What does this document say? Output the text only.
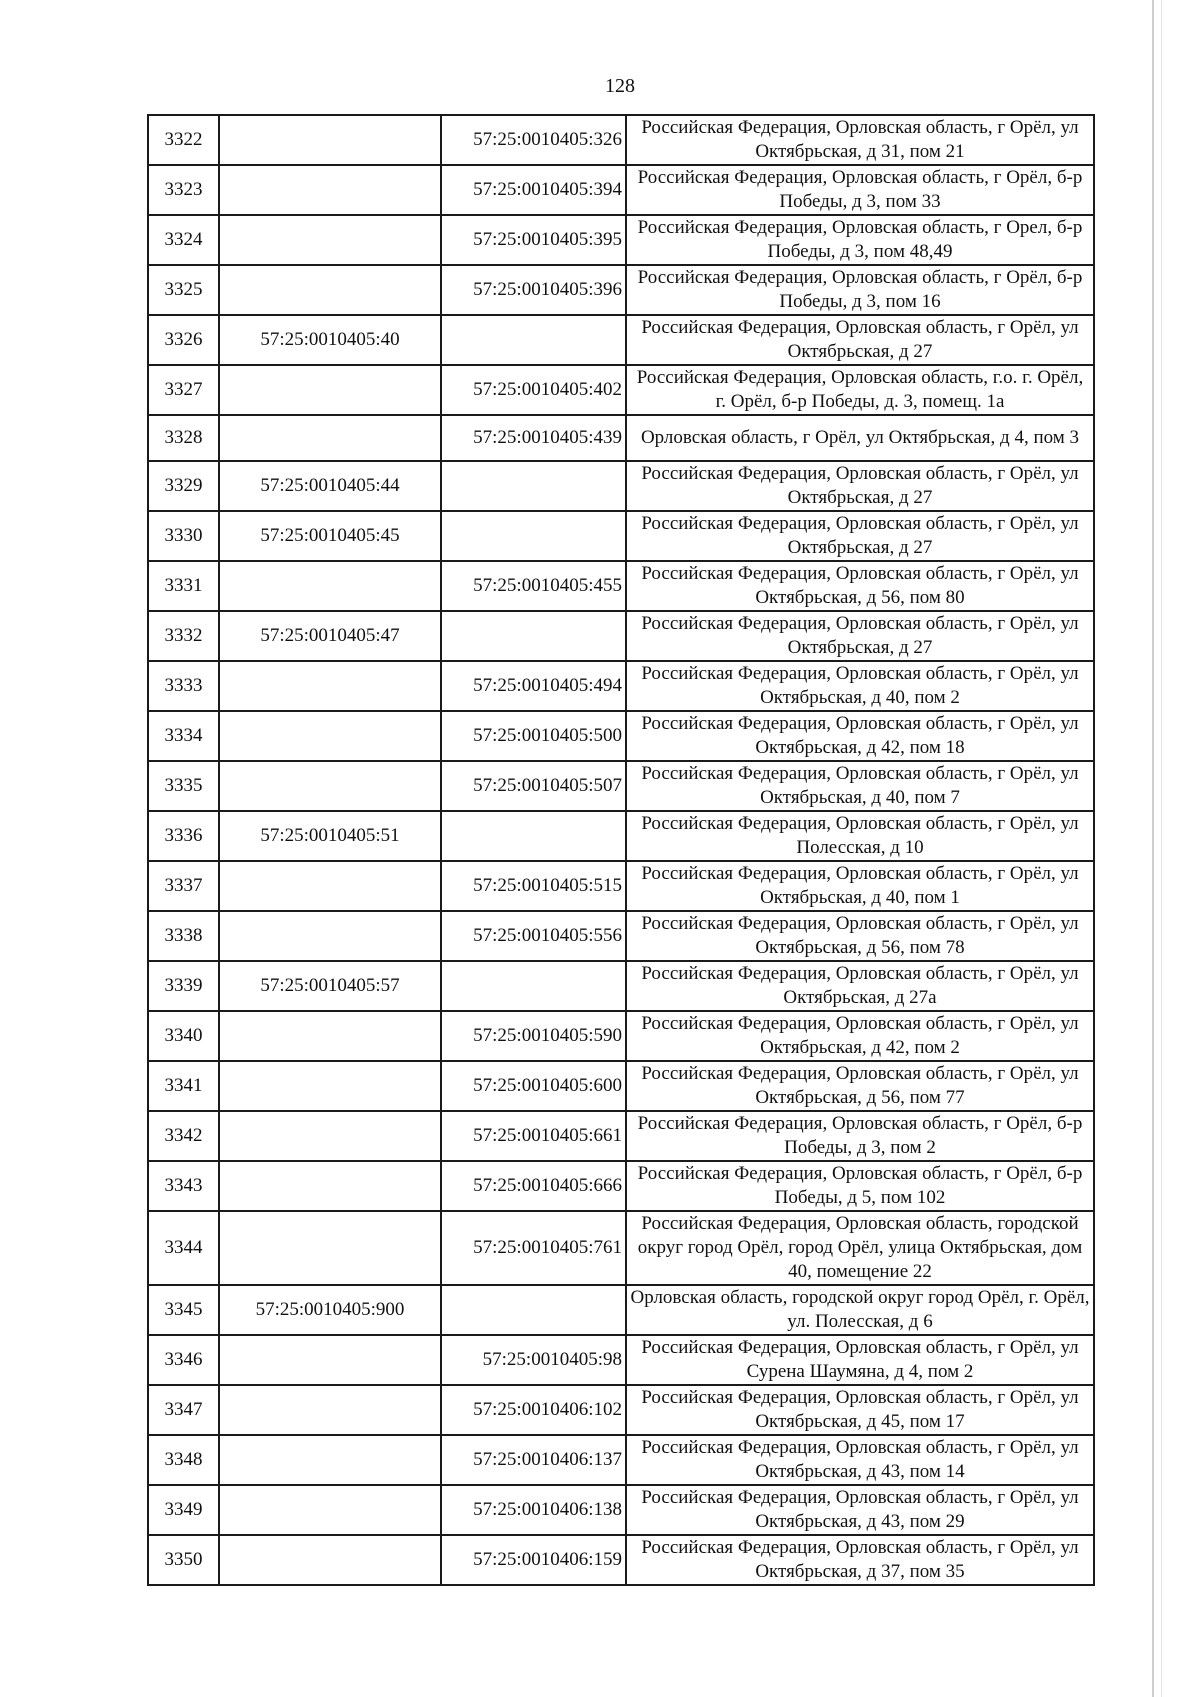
128
3322		57:25:0010405:326	Российская Федерация, Орловская область, г Орёл, ул Октябрьская, д 31, пом 21
3323		57:25:0010405:394	Российская Федерация, Орловская область, г Орёл, б-р Победы, д 3, пом 33
3324		57:25:0010405:395	Российская Федерация, Орловская область, г Орел, б-р Победы, д 3, пом 48,49
3325		57:25:0010405:396	Российская Федерация, Орловская область, г Орёл, б-р Победы, д 3, пом 16
3326	57:25:0010405:40		Российская Федерация, Орловская область, г Орёл, ул Октябрьская, д 27
3327		57:25:0010405:402	Российская Федерация, Орловская область, г.о. г. Орёл, г. Орёл, б-р Победы, д. 3, помещ. 1а
3328		57:25:0010405:439	Орловская область, г Орёл, ул Октябрьская, д 4, пом 3
3329	57:25:0010405:44		Российская Федерация, Орловская область, г Орёл, ул Октябрьская, д 27
3330	57:25:0010405:45		Российская Федерация, Орловская область, г Орёл, ул Октябрьская, д 27
3331		57:25:0010405:455	Российская Федерация, Орловская область, г Орёл, ул Октябрьская, д 56, пом 80
3332	57:25:0010405:47		Российская Федерация, Орловская область, г Орёл, ул Октябрьская, д 27
3333		57:25:0010405:494	Российская Федерация, Орловская область, г Орёл, ул Октябрьская, д 40, пом 2
3334		57:25:0010405:500	Российская Федерация, Орловская область, г Орёл, ул Октябрьская, д 42, пом 18
3335		57:25:0010405:507	Российская Федерация, Орловская область, г Орёл, ул Октябрьская, д 40, пом 7
3336	57:25:0010405:51		Российская Федерация, Орловская область, г Орёл, ул Полесская, д 10
3337		57:25:0010405:515	Российская Федерация, Орловская область, г Орёл, ул Октябрьская, д 40, пом 1
3338		57:25:0010405:556	Российская Федерация, Орловская область, г Орёл, ул Октябрьская, д 56, пом 78
3339	57:25:0010405:57		Российская Федерация, Орловская область, г Орёл, ул Октябрьская, д 27а
3340		57:25:0010405:590	Российская Федерация, Орловская область, г Орёл, ул Октябрьская, д 42, пом 2
3341		57:25:0010405:600	Российская Федерация, Орловская область, г Орёл, ул Октябрьская, д 56, пом 77
3342		57:25:0010405:661	Российская Федерация, Орловская область, г Орёл, б-р Победы, д 3, пом 2
3343		57:25:0010405:666	Российская Федерация, Орловская область, г Орёл, б-р Победы, д 5, пом 102
3344		57:25:0010405:761	Российская Федерация, Орловская область, городской округ город Орёл, город Орёл, улица Октябрьская, дом 40, помещение 22
3345	57:25:0010405:900		Орловская область, городской округ город Орёл, г. Орёл, ул. Полесская, д 6
3346		57:25:0010405:98	Российская Федерация, Орловская область, г Орёл, ул Сурена Шаумяна, д 4, пом 2
3347		57:25:0010406:102	Российская Федерация, Орловская область, г Орёл, ул Октябрьская, д 45, пом 17
3348		57:25:0010406:137	Российская Федерация, Орловская область, г Орёл, ул Октябрьская, д 43, пом 14
3349		57:25:0010406:138	Российская Федерация, Орловская область, г Орёл, ул Октябрьская, д 43, пом 29
3350		57:25:0010406:159	Российская Федерация, Орловская область, г Орёл, ул Октябрьская, д 37, пом 35
